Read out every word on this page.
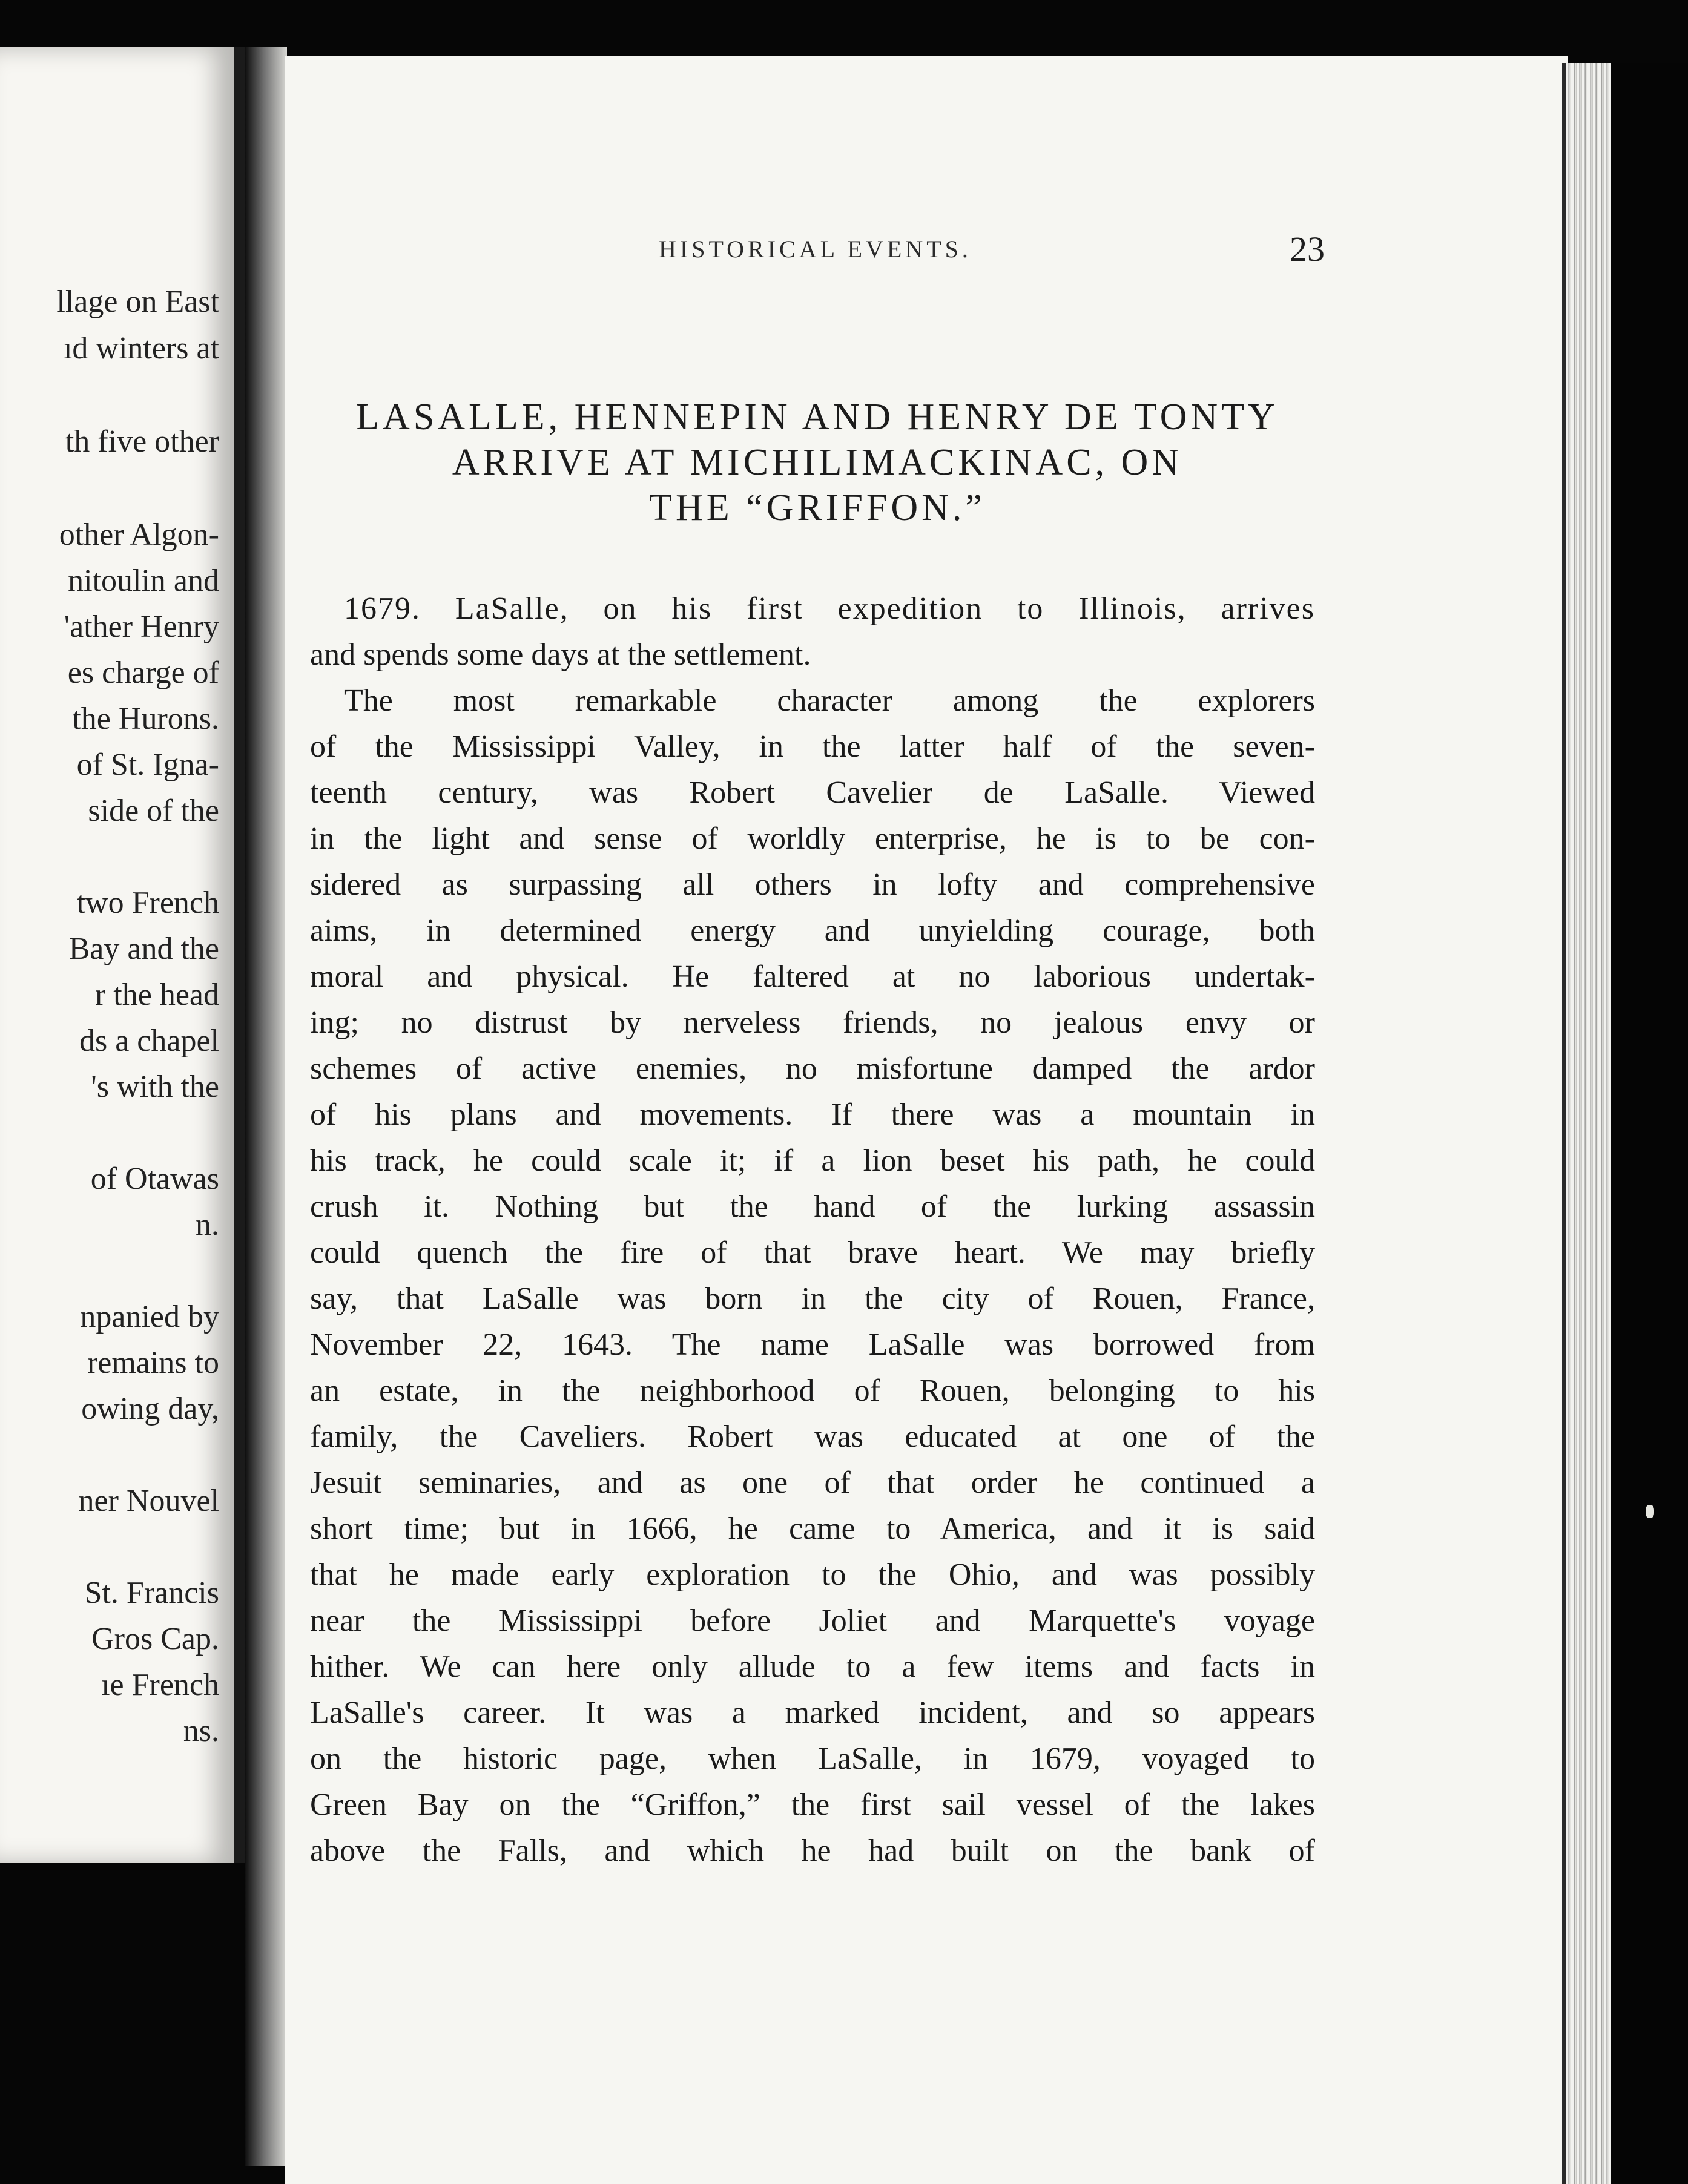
llage on East
ıd winters at
th five other
other Algon-
nitoulin and
'ather Henry
es charge of
the Hurons.
of St. Igna-
side of the
two French
Bay and the
r the head
ds a chapel
's with the
of Otawas
n.
npanied by
remains to
owing day,
ner Nouvel
St. Francis
Gros Cap.
ıe French
ns.
HISTORICAL EVENTS.	23
LASALLE, HENNEPIN AND HENRY DE TONTY
ARRIVE AT MICHILIMACKINAC, ON
THE “GRIFFON.”
1679. LaSalle, on his first expedition to Illinois, arrives
and spends some days at the settlement.
The most remarkable character among the explorers
of the Mississippi Valley, in the latter half of the seven-
teenth century, was Robert Cavelier de LaSalle. Viewed
in the light and sense of worldly enterprise, he is to be con-
sidered as surpassing all others in lofty and comprehensive
aims, in determined energy and unyielding courage, both
moral and physical. He faltered at no laborious undertak-
ing; no distrust by nerveless friends, no jealous envy or
schemes of active enemies, no misfortune damped the ardor
of his plans and movements. If there was a mountain in
his track, he could scale it; if a lion beset his path, he could
crush it. Nothing but the hand of the lurking assassin
could quench the fire of that brave heart. We may briefly
say, that LaSalle was born in the city of Rouen, France,
November 22, 1643. The name LaSalle was borrowed from
an estate, in the neighborhood of Rouen, belonging to his
family, the Caveliers. Robert was educated at one of the
Jesuit seminaries, and as one of that order he continued a
short time; but in 1666, he came to America, and it is said
that he made early exploration to the Ohio, and was possibly
near the Mississippi before Joliet and Marquette's voyage
hither. We can here only allude to a few items and facts in
LaSalle's career. It was a marked incident, and so appears
on the historic page, when LaSalle, in 1679, voyaged to
Green Bay on the “Griffon,” the first sail vessel of the lakes
above the Falls, and which he had built on the bank of
